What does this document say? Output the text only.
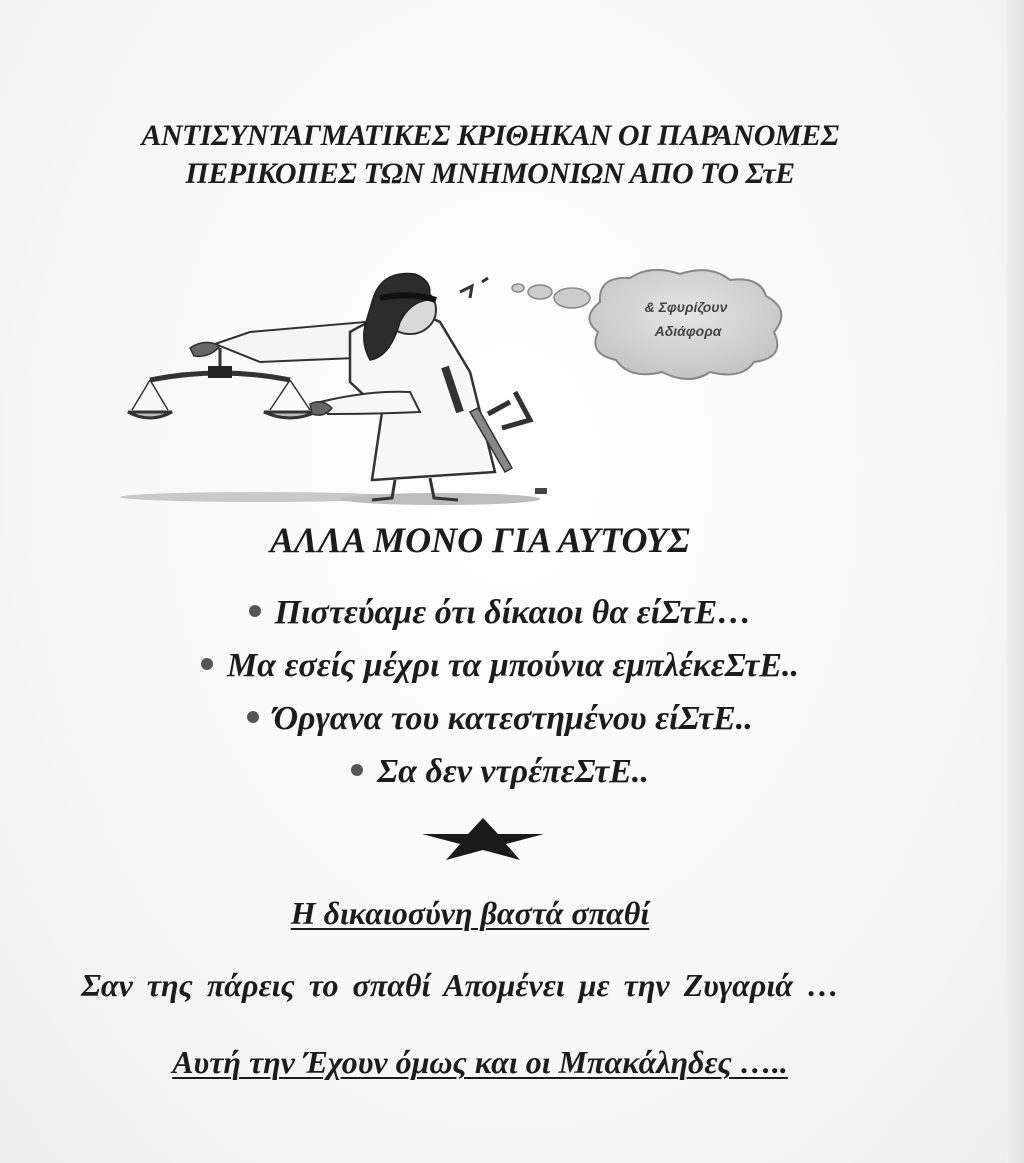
ΑΝΤΙΣΥΝΤΑΓΜΑΤΙΚΕΣ ΚΡΙΘΗΚΑΝ ΟΙ ΠΑΡΑΝΟΜΕΣ

ΠΕΡΙΚΟΠΕΣ ΤΩΝ ΜΝΗΜΟΝΙΩΝ ΑΠΟ ΤΟ ΣτΕ

& Σφυρίζουν
Αδιάφορα

ΑΛΛΑ ΜΟΝΟ ΓΙΑ ΑΥΤΟΥΣ

Πιστεύαμε ότι δίκαιοι θα είΣτΕ…
Μα εσείς μέχρι τα μπούνια εμπλέκεΣτΕ..
Όργανα του κατεστημένου είΣτΕ..
Σα δεν ντρέπεΣτΕ..

Η δικαιοσύνη βαστά σπαθί

Σαν της πάρεις το σπαθί Απομένει με την Ζυγαριά …

Αυτή την Έχουν όμως και οι Μπακάληδες …..
